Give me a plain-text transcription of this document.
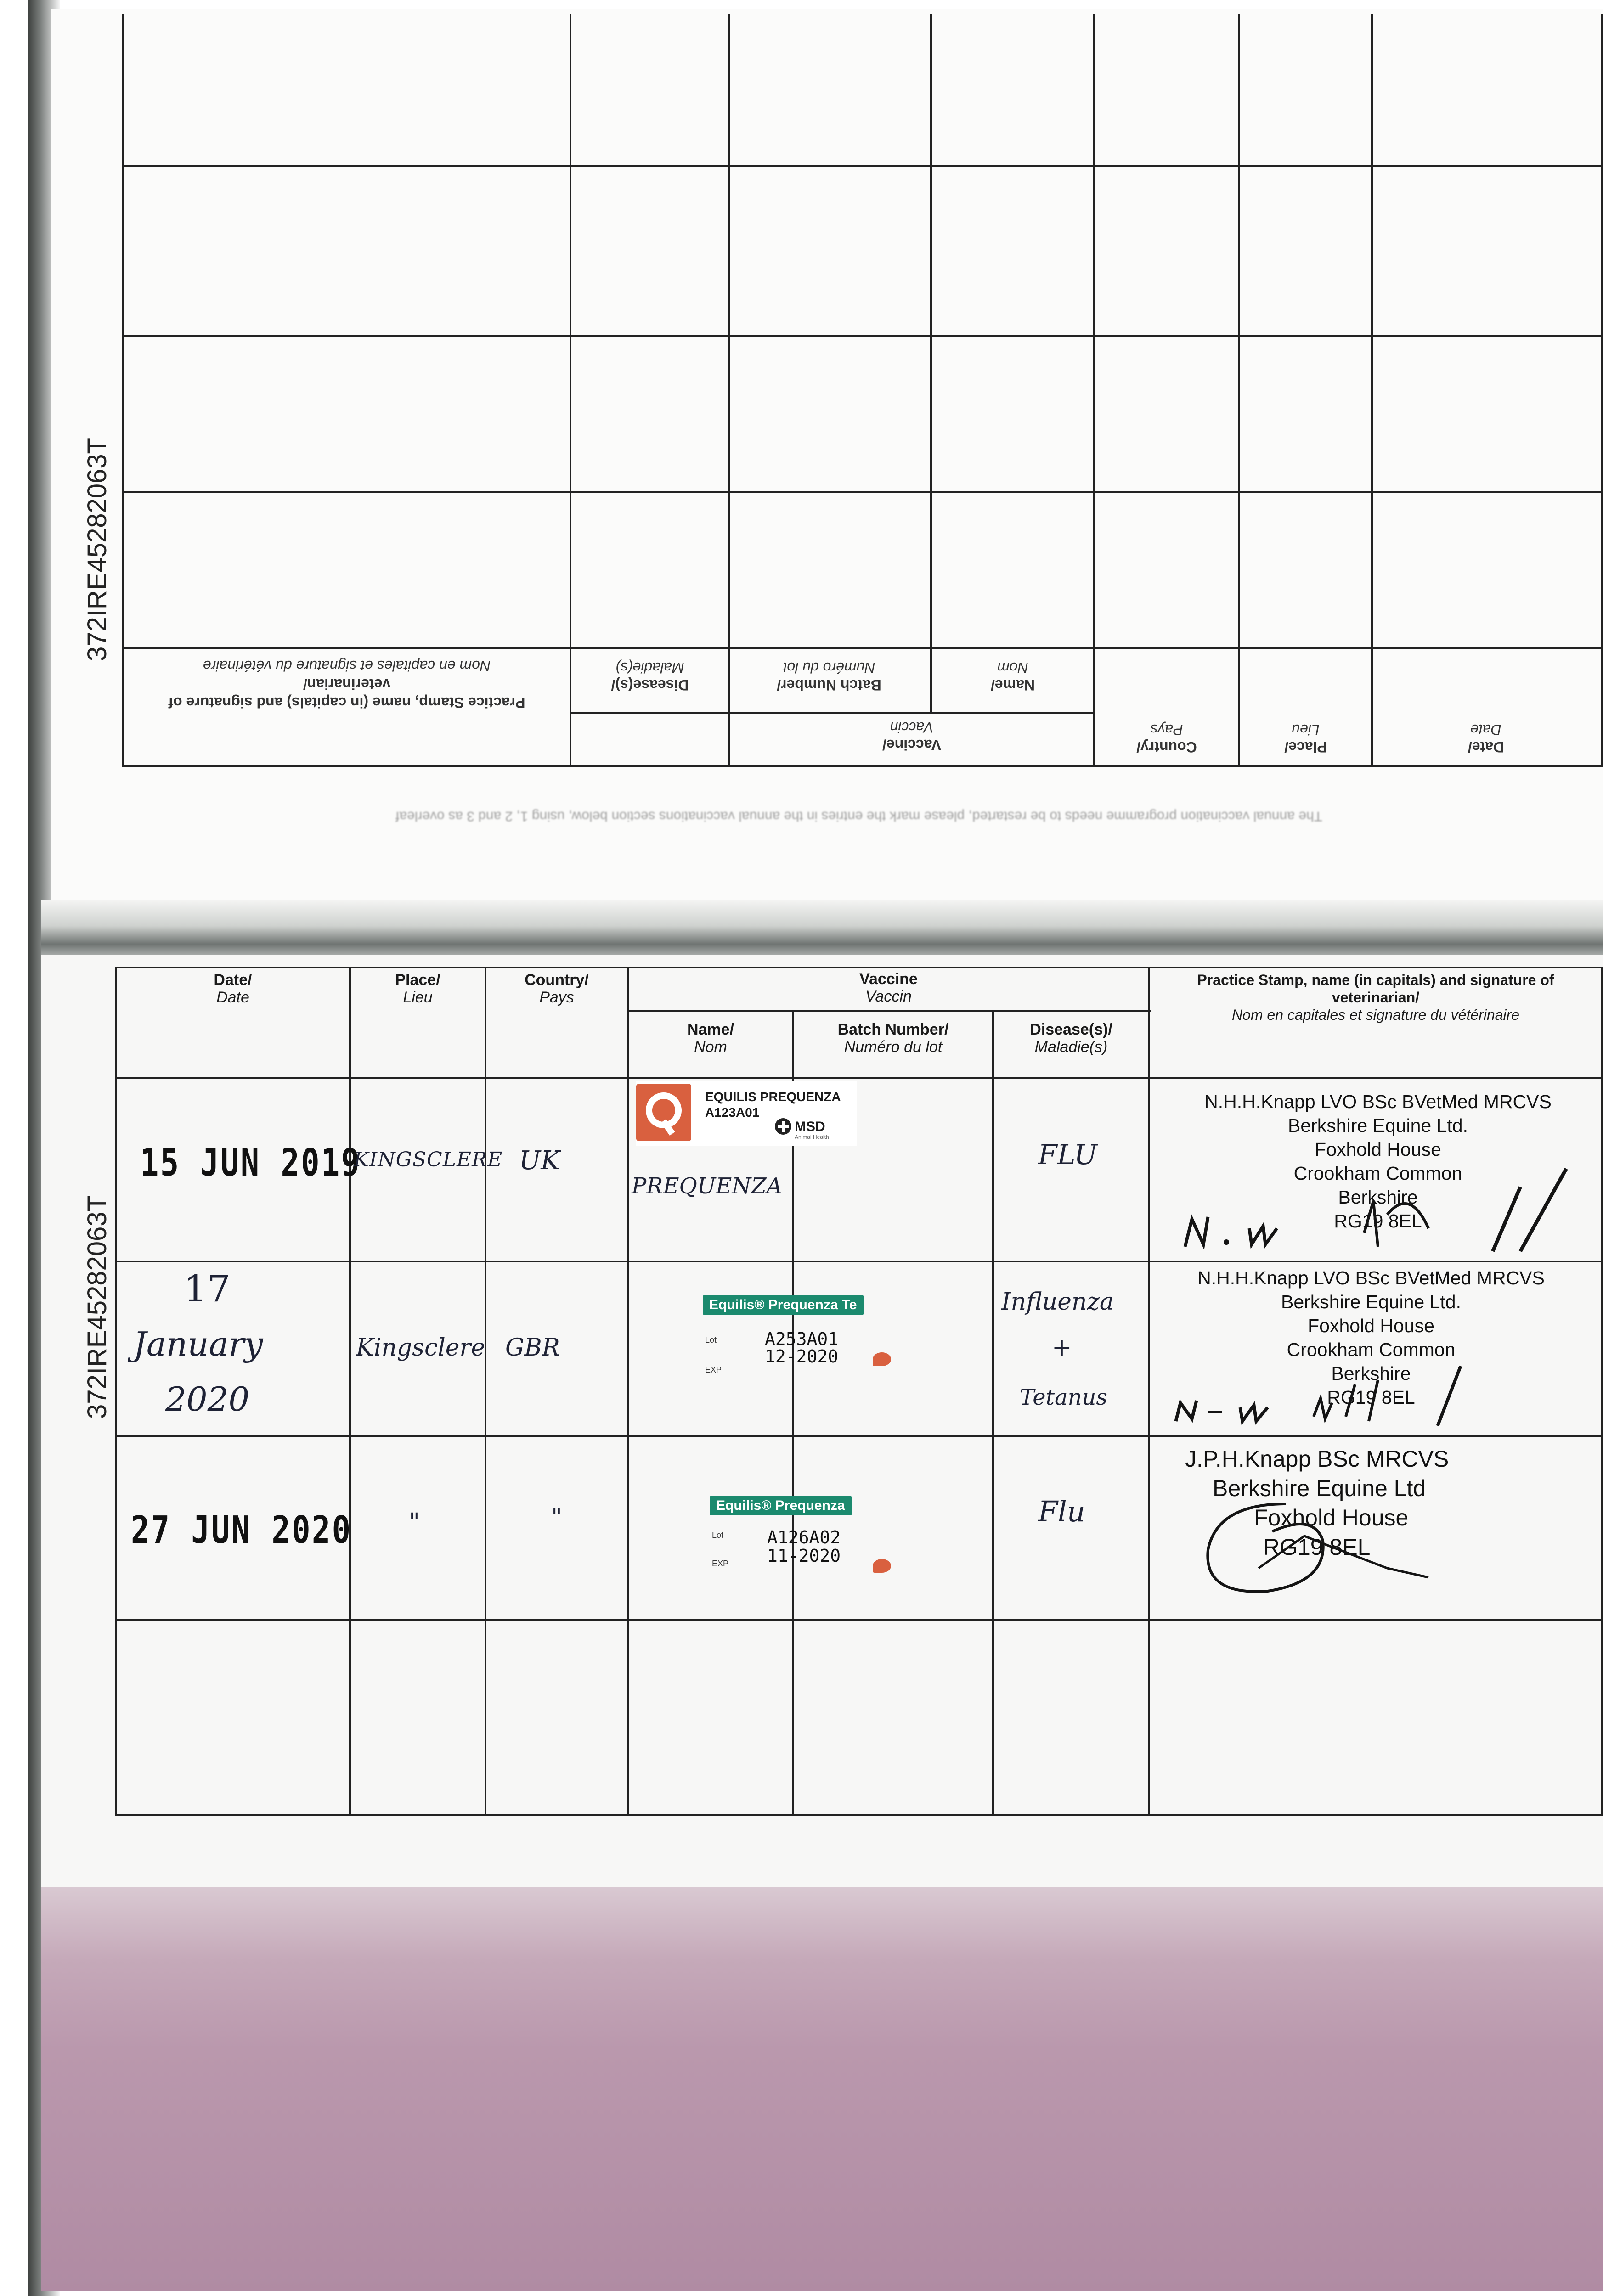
372IRE45282063T
372IRE45282063T
Practice Stamp, name (in capitals) and signature of veterinarian/
Nom en capitales et signature du vétérinaire
Disease(s)/
Maladie(s)
Batch Number/
Numéro du lot
Name/
Nom
Vaccine/
Vaccin
Country/
Pays
Place/
Lieu
Date/
Date
The annual vaccination programme needs to be restarted, please mark the entries in the annual vaccinations section below, using 1, 2 and 3 as overleaf
Date/
Date
Place/
Lieu
Country/
Pays
Vaccine
Vaccin
Name/
Nom
Batch Number/
Numéro du lot
Disease(s)/
Maladie(s)
Practice Stamp, name (in capitals) and signature of veterinarian/
Nom en capitales et signature du vétérinaire
15 JUN 2019
KINGSCLERE UK
PREQUENZA
EQUILIS PREQUENZA
A123A01
MSD
Animal Health
FLU
N.H.H.Knapp LVO BSc BVetMed MRCVS
Berkshire Equine Ltd.
Foxhold House
Crookham Common
Berkshire
RG19 8EL
17
January
2020
Kingsclere GBR
Equilis® Prequenza Te
Lot
EXP
A253A01
12-2020
Influenza
+
Tetanus
N.H.H.Knapp LVO BSc BVetMed MRCVS
Berkshire Equine Ltd.
Foxhold House
Crookham Common
Berkshire
RG19 8EL
27 JUN 2020 "	"	Equilis® Prequenza
Lot
EXP
A126A02
11-2020
Flu
J.P.H.Knapp BSc MRCVS
Berkshire Equine Ltd
Foxhold House
RG19 8EL
